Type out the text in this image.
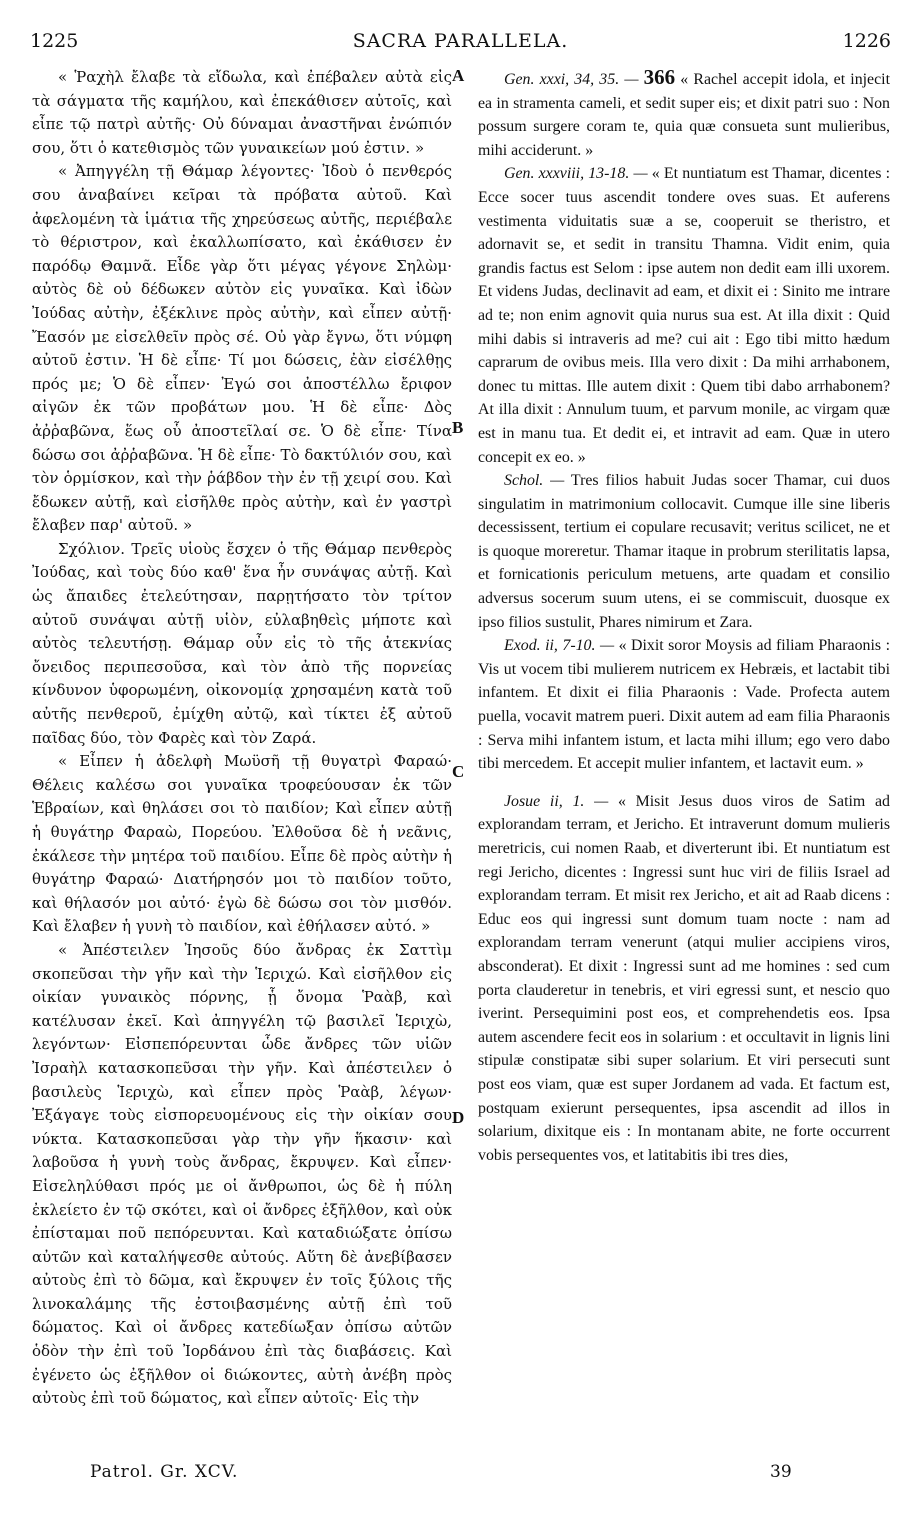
1225	SACRA PARALLELA.	1226

« Ῥαχὴλ ἔλαβε τὰ εἴδωλα, καὶ ἐπέβαλεν αὐτὰ εἰς τὰ σάγματα τῆς καμήλου, καὶ ἐπεκάθισεν αὐτοῖς, καὶ εἶπε τῷ πατρὶ αὐτῆς· Οὐ δύναμαι ἀναστῆναι ἐνώπιόν σου, ὅτι ὁ κατεθισμὸς τῶν γυναικείων μού ἐστιν. »

« Ἀπηγγέλη τῇ Θάμαρ λέγοντες· Ἰδοὺ ὁ πενθερός σου ἀναβαίνει κεῖραι τὰ πρόβατα αὐτοῦ. Καὶ ἀφελομένη τὰ ἱμάτια τῆς χηρεύσεως αὐτῆς, περιέβαλε τὸ θέριστρον, καὶ ἐκαλλωπίσατο, καὶ ἐκάθισεν ἐν παρόδῳ Θαμνᾶ. Εἶδε γὰρ ὅτι μέγας γέγονε Σηλὼμ· αὐτὸς δὲ οὐ δέδωκεν αὐτὸν εἰς γυναῖκα. Καὶ ἰδὼν Ἰούδας αὐτὴν, ἐξέκλινε πρὸς αὐτὴν, καὶ εἶπεν αὐτῇ· Ἔασόν με εἰσελθεῖν πρὸς σέ. Οὐ γὰρ ἔγνω, ὅτι νύμφη αὐτοῦ ἐστιν. Ἡ δὲ εἶπε· Τί μοι δώσεις, ἐὰν εἰσέλθῃς πρός με; Ὁ δὲ εἶπεν· Ἐγώ σοι ἀποστέλλω ἔριφον αἰγῶν ἐκ τῶν προβάτων μου. Ἡ δὲ εἶπε· Δὸς ἀῤῥαβῶνα, ἕως οὗ ἀποστεῖλαί σε. Ὁ δὲ εἶπε· Τίνα δώσω σοι ἀῤῥαβῶνα. Ἡ δὲ εἶπε· Τὸ δακτύλιόν σου, καὶ τὸν ὁρμίσκον, καὶ τὴν ῥάβδον τὴν ἐν τῇ χειρί σου. Καὶ ἔδωκεν αὐτῇ, καὶ εἰσῆλθε πρὸς αὐτὴν, καὶ ἐν γαστρὶ ἔλαβεν παρ' αὐτοῦ. »

Σχόλιον. Τρεῖς υἱοὺς ἔσχεν ὁ τῆς Θάμαρ πενθερὸς Ἰούδας, καὶ τοὺς δύο καθ' ἕνα ἦν συνάψας αὐτῇ. Καὶ ὡς ἄπαιδες ἐτελεύτησαν, παρῃτήσατο τὸν τρίτον αὐτοῦ συνάψαι αὐτῇ υἱὸν, εὐλαβηθεὶς μήποτε καὶ αὐτὸς τελευτήσῃ. Θάμαρ οὖν εἰς τὸ τῆς ἀτεκνίας ὄνειδος περιπεσοῦσα, καὶ τὸν ἀπὸ τῆς πορνείας κίνδυνον ὑφορωμένη, οἰκονομίᾳ χρησαμένη κατὰ τοῦ αὐτῆς πενθεροῦ, ἐμίχθη αὐτῷ, καὶ τίκτει ἐξ αὐτοῦ παῖδας δύο, τὸν Φαρὲς καὶ τὸν Ζαρά.

« Εἶπεν ἡ ἀδελφὴ Μωϋσῆ τῇ θυγατρὶ Φαραώ· Θέλεις καλέσω σοι γυναῖκα τροφεύουσαν ἐκ τῶν Ἑβραίων, καὶ θηλάσει σοι τὸ παιδίον; Καὶ εἶπεν αὐτῇ ἡ θυγάτηρ Φαραὼ, Πορεύου. Ἐλθοῦσα δὲ ἡ νεᾶνις, ἐκάλεσε τὴν μητέρα τοῦ παιδίου. Εἶπε δὲ πρὸς αὐτὴν ἡ θυγάτηρ Φαραώ· Διατήρησόν μοι τὸ παιδίον τοῦτο, καὶ θήλασόν μοι αὐτό· ἐγὼ δὲ δώσω σοι τὸν μισθόν. Καὶ ἔλαβεν ἡ γυνὴ τὸ παιδίον, καὶ ἐθήλασεν αὐτό. »

« Ἀπέστειλεν Ἰησοῦς δύο ἄνδρας ἐκ Σαττὶμ σκοπεῦσαι τὴν γῆν καὶ τὴν Ἱεριχώ. Καὶ εἰσῆλθον εἰς οἰκίαν γυναικὸς πόρνης, ᾗ ὄνομα Ῥαὰβ, καὶ κατέλυσαν ἐκεῖ. Καὶ ἀπηγγέλη τῷ βασιλεῖ Ἱεριχὼ, λεγόντων· Εἰσπεπόρευνται ὧδε ἄνδρες τῶν υἱῶν Ἰσραὴλ κατασκοπεῦσαι τὴν γῆν. Καὶ ἀπέστειλεν ὁ βασιλεὺς Ἱεριχὼ, καὶ εἶπεν πρὸς Ῥαὰβ, λέγων· Ἐξάγαγε τοὺς εἰσπορευομένους εἰς τὴν οἰκίαν σου νύκτα. Κατασκοπεῦσαι γὰρ τὴν γῆν ἥκασιν· καὶ λαβοῦσα ἡ γυνὴ τοὺς ἄνδρας, ἔκρυψεν. Καὶ εἶπεν· Εἰσεληλύθασι πρός με οἱ ἄνθρωποι, ὡς δὲ ἡ πύλη ἐκλείετο ἐν τῷ σκότει, καὶ οἱ ἄνδρες ἐξῆλθον, καὶ οὐκ ἐπίσταμαι ποῦ πεπόρευνται. Καὶ καταδιώξατε ὀπίσω αὐτῶν καὶ καταλήψεσθε αὐτούς. Αὕτη δὲ ἀνεβίβασεν αὐτοὺς ἐπὶ τὸ δῶμα, καὶ ἔκρυψεν ἐν τοῖς ξύλοις τῆς λινοκαλάμης τῆς ἐστοιβασμένης αὐτῇ ἐπὶ τοῦ δώματος. Καὶ οἱ ἄνδρες κατεδίωξαν ὀπίσω αὐτῶν ὁδὸν τὴν ἐπὶ τοῦ Ἰορδάνου ἐπὶ τὰς διαβάσεις. Καὶ ἐγένετο ὡς ἐξῆλθον οἱ διώκοντες, αὐτὴ ἀνέβη πρὸς αὐτοὺς ἐπὶ τοῦ δώματος, καὶ εἶπεν αὐτοῖς· Εἰς τὴν

A
B
C
D

Gen. xxxi, 34, 35. — 366 « Rachel accepit idola, et injecit ea in stramenta cameli, et sedit super eis; et dixit patri suo : Non possum surgere coram te, quia quæ consueta sunt mulieribus, mihi acciderunt. »

Gen. xxxviii, 13-18. — « Et nuntiatum est Thamar, dicentes : Ecce socer tuus ascendit tondere oves suas. Et auferens vestimenta viduitatis suæ a se, cooperuit se theristro, et adornavit se, et sedit in transitu Thamna. Vidit enim, quia grandis factus est Selom : ipse autem non dedit eam illi uxorem. Et videns Judas, declinavit ad eam, et dixit ei : Sinito me intrare ad te; non enim agnovit quia nurus sua est. At illa dixit : Quid mihi dabis si intraveris ad me? cui ait : Ego tibi mitto hædum caprarum de ovibus meis. Illa vero dixit : Da mihi arrhabonem, donec tu mittas. Ille autem dixit : Quem tibi dabo arrhabonem? At illa dixit : Annulum tuum, et parvum monile, ac virgam quæ est in manu tua. Et dedit ei, et intravit ad eam. Quæ in utero concepit ex eo. »

Schol. — Tres filios habuit Judas socer Thamar, cui duos singulatim in matrimonium collocavit. Cumque ille sine liberis decessissent, tertium ei copulare recusavit; veritus scilicet, ne et is quoque moreretur. Thamar itaque in probrum sterilitatis lapsa, et fornicationis periculum metuens, arte quadam et consilio adversus socerum suum utens, ei se commiscuit, duosque ex ipso filios sustulit, Phares nimirum et Zara.

Exod. ii, 7-10. — « Dixit soror Moysis ad filiam Pharaonis : Vis ut vocem tibi mulierem nutricem ex Hebræis, et lactabit tibi infantem. Et dixit ei filia Pharaonis : Vade. Profecta autem puella, vocavit matrem pueri. Dixit autem ad eam filia Pharaonis : Serva mihi infantem istum, et lacta mihi illum; ego vero dabo tibi mercedem. Et accepit mulier infantem, et lactavit eum. »

Josue ii, 1. — « Misit Jesus duos viros de Satim ad explorandam terram, et Jericho. Et intraverunt domum mulieris meretricis, cui nomen Raab, et diverterunt ibi. Et nuntiatum est regi Jericho, dicentes : Ingressi sunt huc viri de filiis Israel ad explorandam terram. Et misit rex Jericho, et ait ad Raab dicens : Educ eos qui ingressi sunt domum tuam nocte : nam ad explorandam terram venerunt (atqui mulier accipiens viros, absconderat). Et dixit : Ingressi sunt ad me homines : sed cum porta clauderetur in tenebris, et viri egressi sunt, et nescio quo iverint. Persequimini post eos, et comprehendetis eos. Ipsa autem ascendere fecit eos in solarium : et occultavit in lignis lini stipulæ constipatæ sibi super solarium. Et viri persecuti sunt post eos viam, quæ est super Jordanem ad vada. Et factum est, postquam exierunt persequentes, ipsa ascendit ad illos in solarium, dixitque eis : In montanam abite, ne forte occurrent vobis persequentes vos, et latitabitis ibi tres dies,

Patrol. Gr. XCV.	39
